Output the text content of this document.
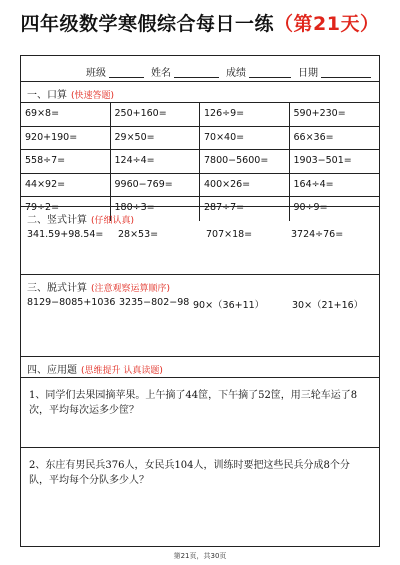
四年级数学寒假综合每日一练（第21天）
班级	姓名	成绩	日期
一、口算 (快速答题)
69×8=	250+160=	126÷9=	590+230=
920+190=	29×50=	70×40=	66×36=
558÷7=	124÷4=	7800−5600=	1903−501=
44×92=	9960−769=	400×26=	164÷4=
79÷2=	180÷3=	287÷7=	90÷9=
二、竖式计算 (仔细认真)
341.59+98.54= 28×53=	707×18=	3724÷76=
三、脱式计算 (注意观察运算顺序)
8129−8085+1036 3235−802−98 90×（36+11）	30×（21+16）
四、应用题 (思维提升 认真读题)

1、同学们去果园摘苹果。上午摘了44筐，下午摘了52筐，用三轮车运了8次，平均每次运多少筐？

2、东庄有男民兵376人，女民兵104人，训练时要把这些民兵分成8个分队，平均每个分队多少人？

第21页，共30页
